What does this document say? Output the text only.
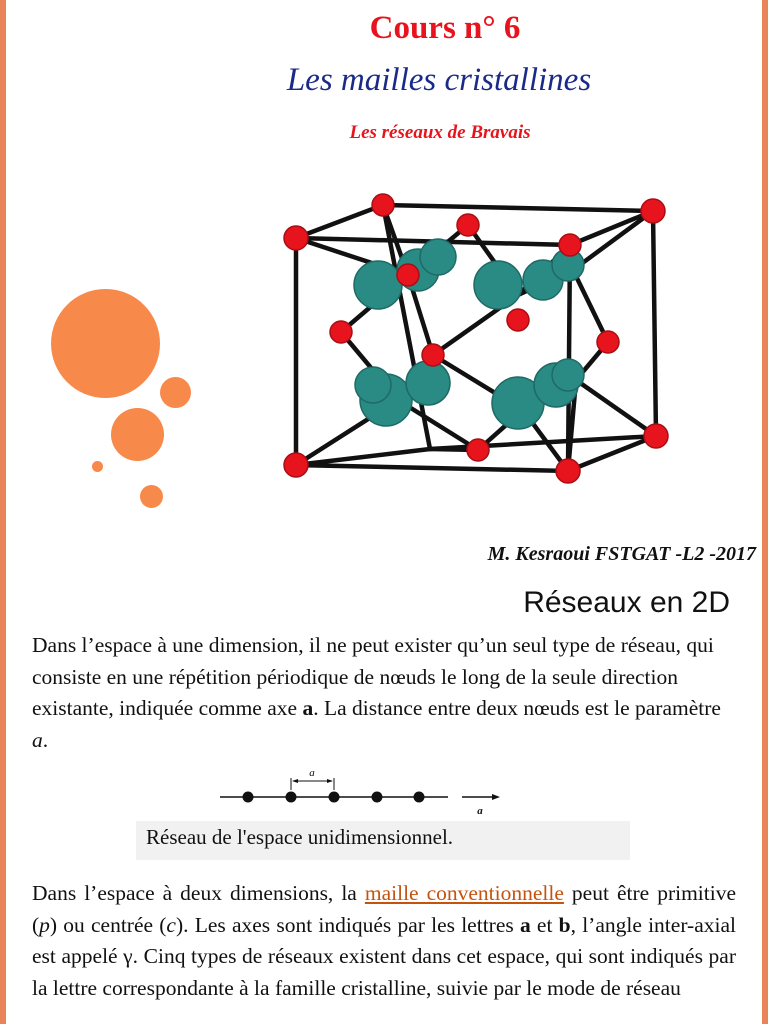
Cours n° 6
Les mailles cristallines
Les réseaux de Bravais
M. Kesraoui FSTGAT -L2 -2017
Réseaux en 2D
Dans l’espace à une dimension, il ne peut exister qu’un seul type de réseau, qui consiste en une répétition périodique de nœuds le long de la seule direction existante, indiquée comme axe a. La distance entre deux nœuds est le paramètre a.
a
a
Réseau de l'espace unidimensionnel.
Dans l’espace à deux dimensions, la maille conventionnelle peut être primitive (p) ou centrée (c). Les axes sont indiqués par les lettres a et b, l’angle inter-axial est appelé γ. Cinq types de réseaux existent dans cet espace, qui sont indiqués par la lettre correspondante à la famille cristalline, suivie par le mode de réseau
